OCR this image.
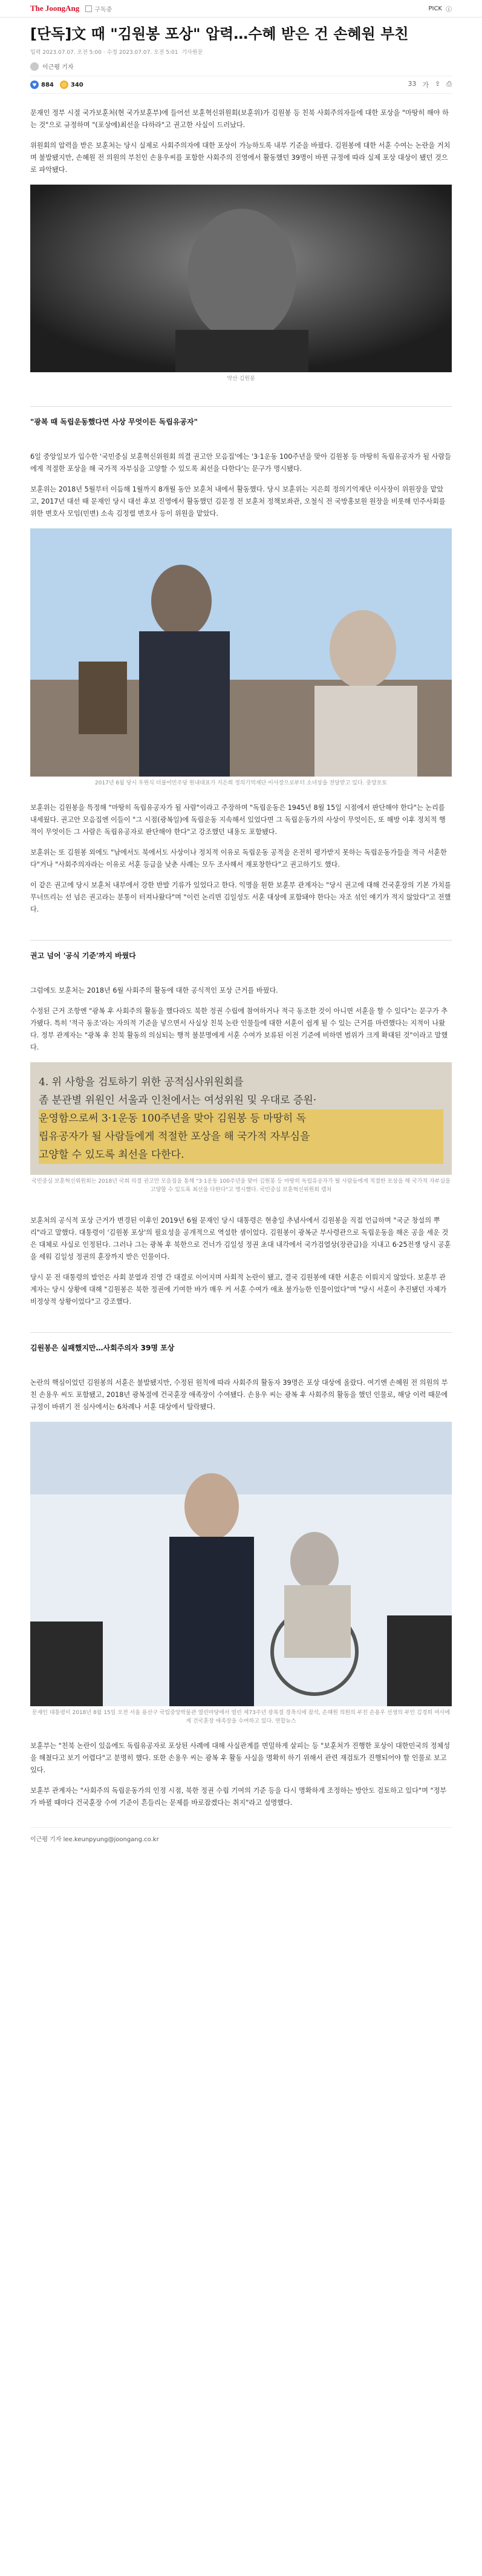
The JoongAng	구독중	PICK ⓘ
[단독]文 때 "김원봉 포상" 압력…수혜 받은 건 손혜원 부친
입력 2023.07.07. 오전 5:00 · 수정 2023.07.07. 오전 5:01 기사원문
이근평 기자
♥ 884	☹ 340	33 가 ⇪ ⎙

문재인 정부 시절 국가보훈처(현 국가보훈부)에 들어선 보훈혁신위원회(보훈위)가 김원봉 등 친북 사회주의자들에 대한 포상을 "마땅히 해야 하는 것"으로 규정하며 "(포상에)최선을 다하라"고 권고한 사실이 드러났다.

위원회의 압력을 받은 보훈처는 당시 실제로 사회주의자에 대한 포상이 가능하도록 내부 기준을 바꿨다. 김원봉에 대한 서훈 수여는 논란을 거치며 불발됐지만, 손혜원 전 의원의 부친인 손용우씨를 포함한 사회주의 진영에서 활동했던 39명이 바뀐 규정에 따라 실제 포상 대상이 됐던 것으로 파악됐다.

약산 김원봉
"광복 때 독립운동했다면 사상 무엇이든 독립유공자"

6일 중앙일보가 입수한 '국민중심 보훈혁신위원회 의결 권고안 모음집'에는 '3·1운동 100주년을 맞아 김원봉 등 마땅히 독립유공자가 될 사람들에게 적절한 포상을 해 국가적 자부심을 고양할 수 있도록 최선을 다한다'는 문구가 명시됐다.

보훈위는 2018년 5월부터 이듬해 1월까지 8개월 동안 보훈처 내에서 활동했다. 당시 보훈위는 지은희 정의기억재단 이사장이 위원장을 맡았고, 2017년 대선 때 문재인 당시 대선 후보 진영에서 활동했던 김문정 전 보훈처 정책보좌관, 오철식 전 국방홍보원 원장을 비롯해 민주사회를 위한 변호사 모임(민변) 소속 김정렬 변호사 등이 위원을 맡았다.

2017년 6월 당시 우원식 더불어민주당 원내대표가 지은희 정의기억재단 이사장으로부터 소녀상을 전달받고 있다. 중앙포토

보훈위는 김원봉을 특정해 "마땅히 독립유공자가 될 사람"이라고 주장하며 "독립운동은 1945년 8월 15일 시점에서 판단해야 한다"는 논리를 내세웠다. 권고안 모음집엔 이들이 "그 시점(광복일)에 독립운동 지속해서 있었다면 그 독립운동가의 사상이 무엇이든, 또 해방 이후 정치적 행적이 무엇이든 그 사람은 독립유공자로 판단해야 한다"고 강조했던 내용도 포함됐다.

보훈위는 또 김원봉 외에도 "남에서도 북에서도 사상이나 정치적 이유로 독립운동 공적을 온전히 평가받지 못하는 독립운동가들을 적극 서훈한다"거나 "사회주의자라는 이유로 서훈 등급을 낮춘 사례는 모두 조사해서 재포창한다"고 권고하기도 했다.

이 같은 권고에 당시 보훈처 내부에서 강한 반발 기류가 있었다고 한다. 익명을 원한 보훈부 관계자는 "당시 권고에 대해 건국훈장의 기본 가치를 무너뜨리는 선 넘은 권고라는 분통이 터져나왔다"며 "이런 논리면 김일성도 서훈 대상에 포함돼야 한다는 자조 섞인 얘기가 적지 않았다"고 전했다.

권고 넘어 '공식 기준'까지 바꿨다

그럼에도 보훈처는 2018년 6월 사회주의 활동에 대한 공식적인 포상 근거를 바꿨다.

수정된 근거 조항엔 "광복 후 사회주의 활동을 했다라도 북한 정권 수립에 참여하거나 적극 동조한 것이 아니면 서훈을 할 수 있다"는 문구가 추가됐다. 특히 '적극 동조'라는 자의적 기준을 넣으면서 사실상 친북 논란 인물들에 대한 서훈이 쉽게 될 수 있는 근거를 마련했다는 지적이 나왔다. 정부 관계자는 "광복 후 친북 활동의 의심되는 행적 불분명에게 서훈 수여가 보류된 이전 기준에 비하면 범위가 크게 확대된 것"이라고 말했다.

4. 위 사항을 검토하기 위한 공적심사위원회를
좀 분관별 위원인 서울과 인천에서는 여성위원 및 우대로 증원·
운영함으로써 3·1운동 100주년을 맞아 김원봉 등 마땅히 독
립유공자가 될 사람들에게 적절한 포상을 해 국가적 자부심을
고양할 수 있도록 최선을 다한다.
국민중심 보훈혁신위원회는 2018년 국회 의결 권고안 모음집을 통해 "3·1운동 100주년을 맞아 김원봉 등 마땅히 독립유공자가 될 사람들에게 적절한 포상을 해 국가적 자부심을 고양할 수 있도록 최선을 다한다"고 명시했다. 국민중심 보훈혁신위원회 캡처

보훈처의 공식적 포상 근거가 변경된 이후인 2019년 6월 문재인 당시 대통령은 현충일 추념사에서 김원봉을 직접 언급하며 "국군 창설의 뿌리"라고 말했다. 대통령이 '김원봉 포상'의 필요성을 공개적으로 역설한 셈이었다. 김원봉이 광복군 부사령관으로 독립운동을 해온 공을 세운 것은 대체로 사실로 인정된다. 그러나 그는 광복 후 북한으로 건너가 김일성 정권 초대 내각에서 국가검열상(장관급)을 지내고 6·25전쟁 당시 공훈을 세워 김일성 정권의 훈장까지 받은 인물이다.

당시 문 전 대통령의 발언은 사회 분열과 진영 간 대결로 이어지며 사회적 논란이 됐고, 결국 김원봉에 대한 서훈은 이뤄지지 않았다. 보훈부 관계자는 당시 상황에 대해 "김원봉은 북한 정권에 기여한 바가 매우 커 서훈 수여가 애초 불가능한 인물이었다"며 "당시 서훈이 추진됐던 자체가 비정상적 상황이었다"고 강조했다.

김원봉은 실패했지만…사회주의자 39명 포상

논란의 핵심이었던 김원봉의 서훈은 불발됐지만, 수정된 원칙에 따라 사회주의 활동자 39명은 포상 대상에 올랐다. 여기엔 손혜원 전 의원의 부친 손용우 씨도 포함됐고, 2018년 광복절에 건국훈장 애족장이 수여됐다. 손용우 씨는 광복 후 사회주의 활동을 했던 인물로, 해당 이력 때문에 규정이 바뀌기 전 심사에서는 6차례나 서훈 대상에서 탈락됐다.

문재인 대통령이 2018년 8월 15일 오전 서울 용산구 국립중앙박물관 열린마당에서 열린 제73주년 광복절 경축식에 참석, 손혜원 의원의 부친 손용우 선생의 부인 김경희 여사에게 건국훈장 애족장을 수여하고 있다. 연합뉴스

보훈부는 "친북 논란이 있음에도 독립유공자로 포상된 사례에 대해 사실관계를 면밀하게 살피는 등 "보훈처가 진행한 포상이 대한민국의 정체성을 해쳤다고 보기 어렵다"고 분명히 했다. 또한 손용우 씨는 광복 후 활동 사실을 명확히 하기 위해서 관련 재검토가 진행되어야 할 인물로 보고 있다.

보훈부 관계자는 "사회주의 독립운동가의 인정 시점, 북한 정권 수립 기여의 기준 등을 다시 명확하게 조정하는 방안도 검토하고 있다"며 "정부가 바뀔 때마다 건국훈장 수여 기준이 흔들리는 문제를 바로잡겠다는 취지"라고 설명했다.

이근평 기자 lee.keunpyung@joongang.co.kr
